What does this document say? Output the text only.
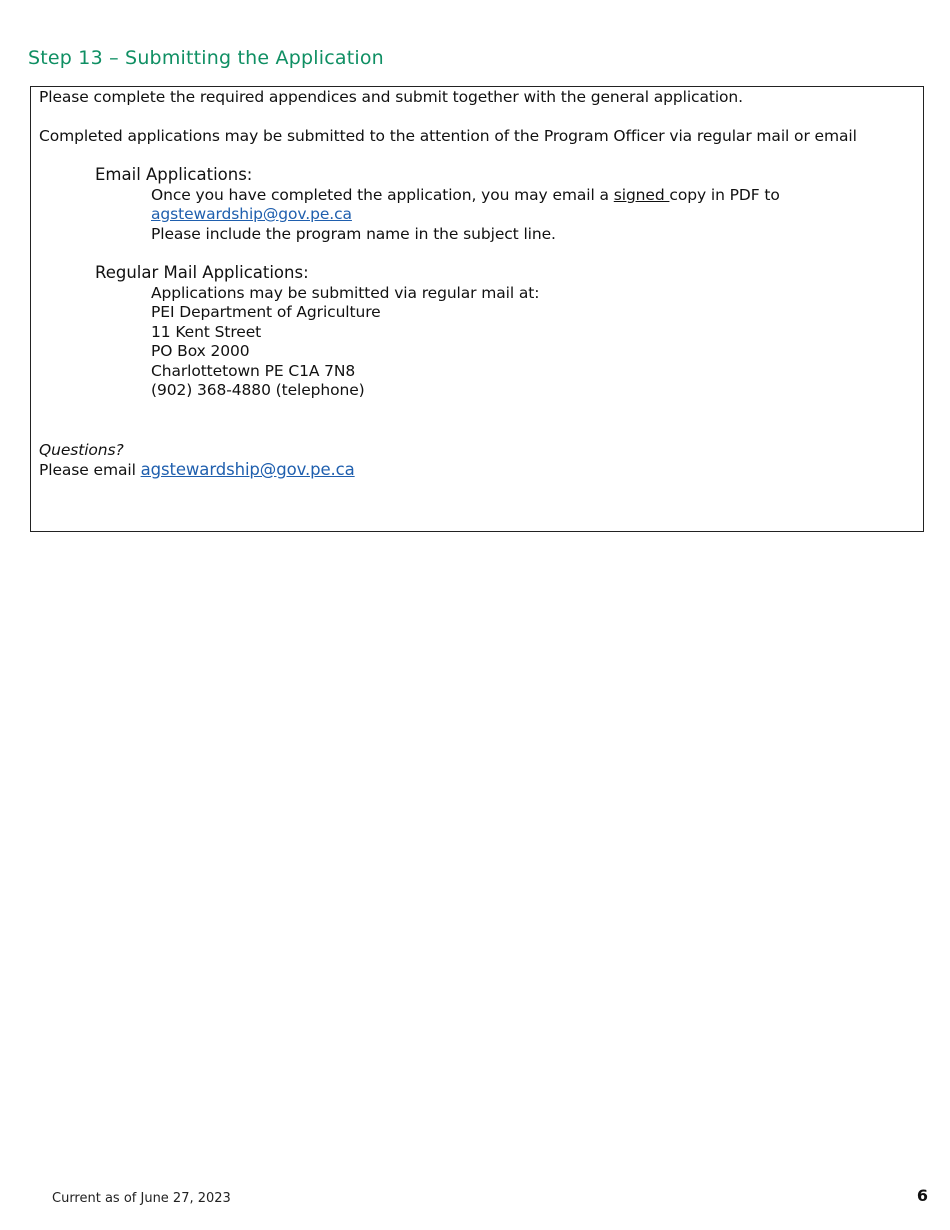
Step 13 – Submitting the Application
Please complete the required appendices and submit together with the general application.
Completed applications may be submitted to the attention of the Program Officer via regular mail or email
Email Applications:
Once you have completed the application, you may email a signed copy in PDF to
agstewardship@gov.pe.ca
Please include the program name in the subject line.
Regular Mail Applications:
Applications may be submitted via regular mail at:
PEI Department of Agriculture
11 Kent Street
PO Box 2000
Charlottetown PE C1A 7N8
(902) 368-4880 (telephone)
Questions?
Please email agstewardship@gov.pe.ca
Current as of June 27, 2023	6
